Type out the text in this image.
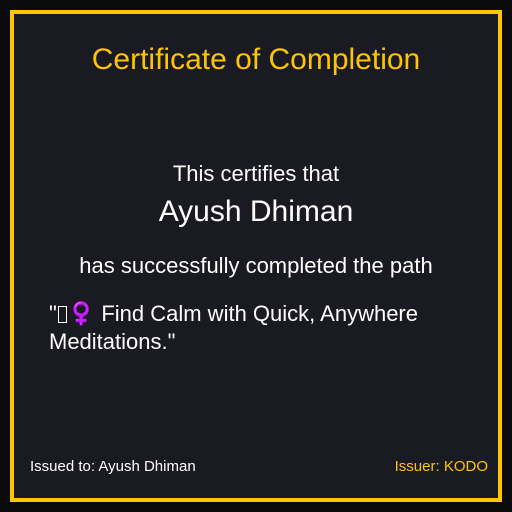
Certificate of Completion
This certifies that
Ayush Dhiman
has successfully completed the path
" ‍♀️ Find Calm with Quick, Anywhere Meditations."
Issued to: Ayush Dhiman	Issuer: KODO
